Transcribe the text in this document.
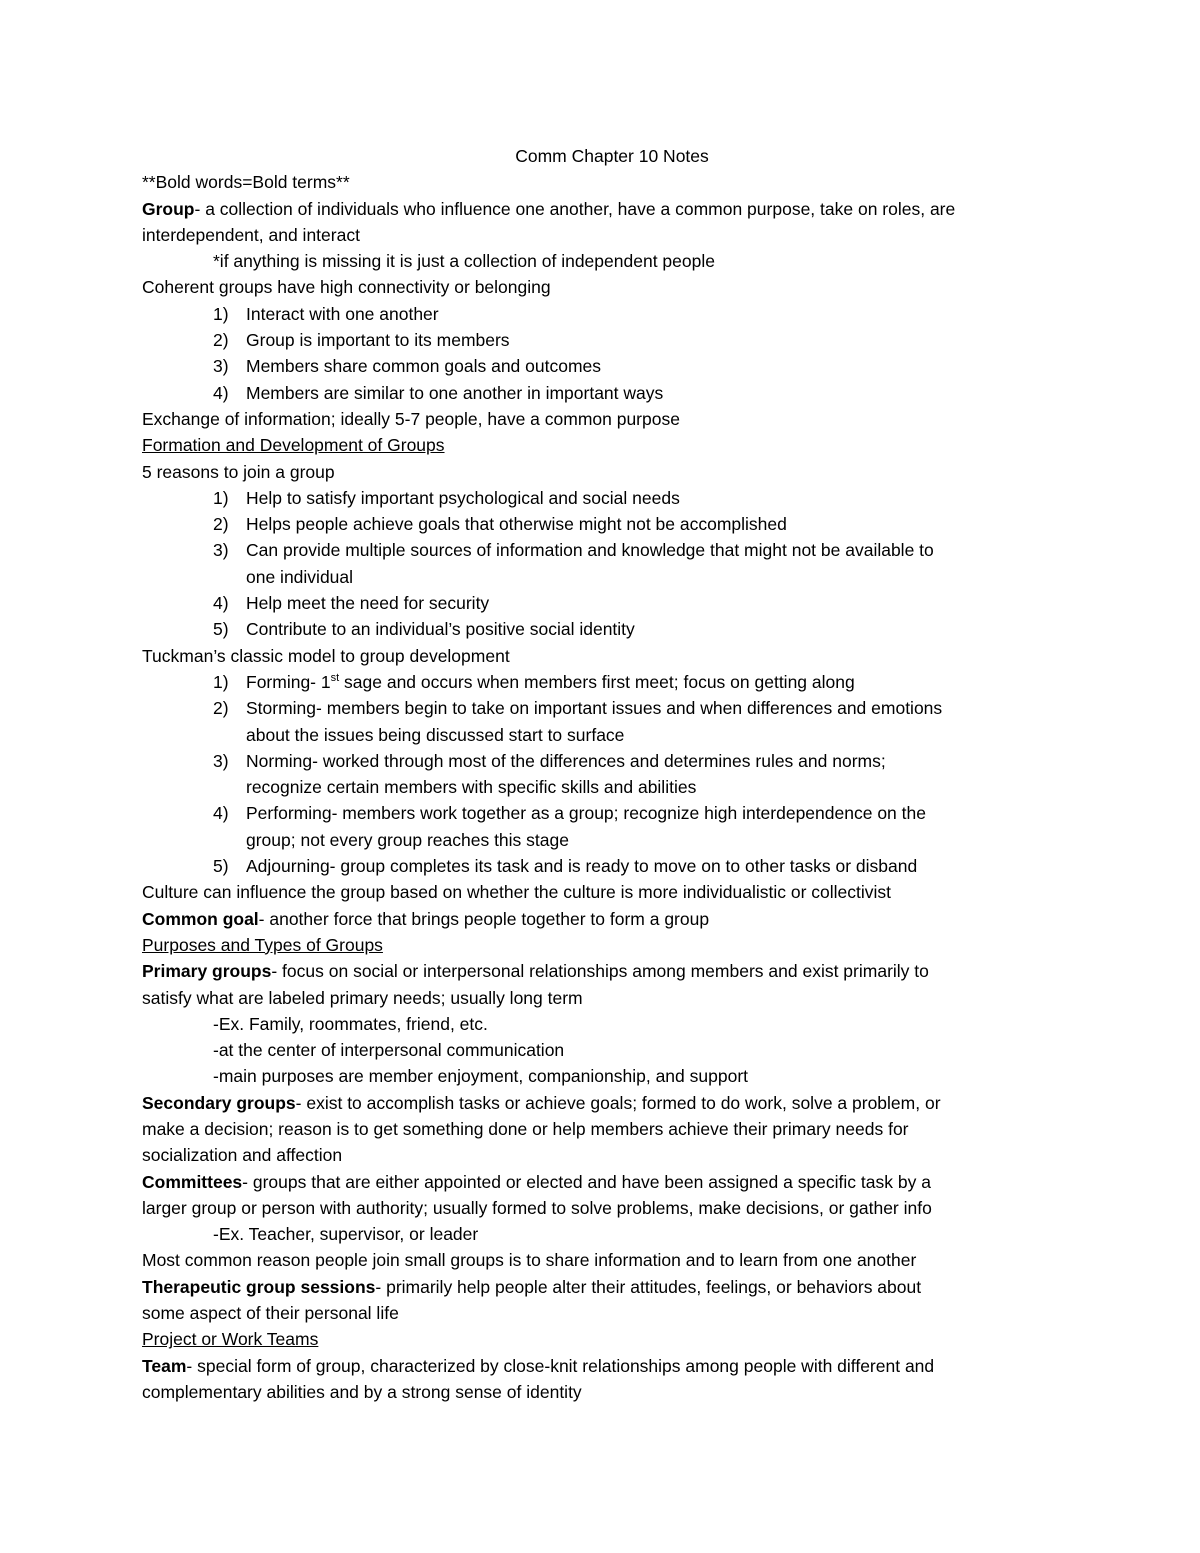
Comm Chapter 10 Notes
**Bold words=Bold terms**
Group- a collection of individuals who influence one another, have a common purpose, take on roles, are
interdependent, and interact
*if anything is missing it is just a collection of independent people
Coherent groups have high connectivity or belonging
1) Interact with one another
2) Group is important to its members
3) Members share common goals and outcomes
4) Members are similar to one another in important ways
Exchange of information; ideally 5-7 people, have a common purpose
Formation and Development of Groups
5 reasons to join a group
1) Help to satisfy important psychological and social needs
2) Helps people achieve goals that otherwise might not be accomplished
3) Can provide multiple sources of information and knowledge that might not be available to
one individual
4) Help meet the need for security
5) Contribute to an individual’s positive social identity
Tuckman’s classic model to group development
1) Forming- 1st sage and occurs when members first meet; focus on getting along
2) Storming- members begin to take on important issues and when differences and emotions
about the issues being discussed start to surface
3) Norming- worked through most of the differences and determines rules and norms;
recognize certain members with specific skills and abilities
4) Performing- members work together as a group; recognize high interdependence on the
group; not every group reaches this stage
5) Adjourning- group completes its task and is ready to move on to other tasks or disband
Culture can influence the group based on whether the culture is more individualistic or collectivist
Common goal- another force that brings people together to form a group
Purposes and Types of Groups
Primary groups- focus on social or interpersonal relationships among members and exist primarily to
satisfy what are labeled primary needs; usually long term
-Ex. Family, roommates, friend, etc.
-at the center of interpersonal communication
-main purposes are member enjoyment, companionship, and support
Secondary groups- exist to accomplish tasks or achieve goals; formed to do work, solve a problem, or
make a decision; reason is to get something done or help members achieve their primary needs for
socialization and affection
Committees- groups that are either appointed or elected and have been assigned a specific task by a
larger group or person with authority; usually formed to solve problems, make decisions, or gather info
-Ex. Teacher, supervisor, or leader
Most common reason people join small groups is to share information and to learn from one another
Therapeutic group sessions- primarily help people alter their attitudes, feelings, or behaviors about
some aspect of their personal life
Project or Work Teams
Team- special form of group, characterized by close-knit relationships among people with different and
complementary abilities and by a strong sense of identity
